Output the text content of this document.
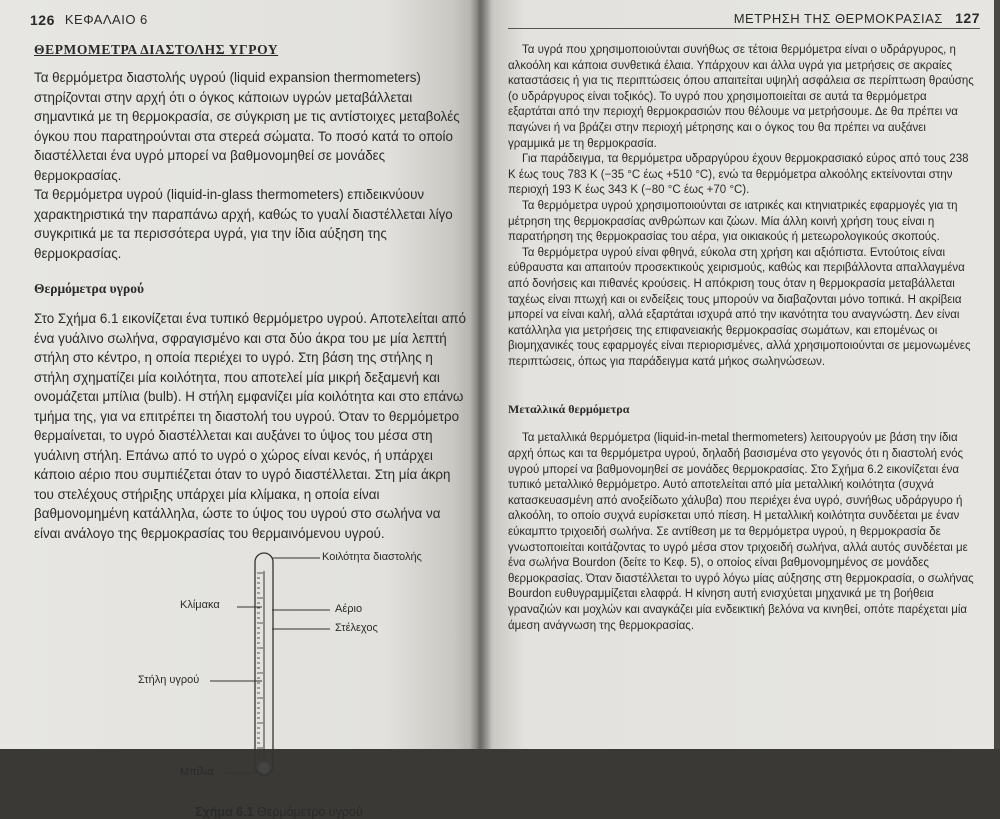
126 ΚΕΦΑΛΑΙΟ 6
ΘΕΡΜΟΜΕΤΡΑ ΔΙΑΣΤΟΛΗΣ ΥΓΡΟΥ

Τα θερμόμετρα διαστολής υγρού (liquid expansion thermometers) στηρίζονται στην αρχή ότι ο όγκος κάποιων υγρών μεταβάλλεται σημαντικά με τη θερμοκρασία, σε σύγκριση με τις αντίστοιχες μεταβολές όγκου που παρατηρούνται στα στερεά σώματα. Το ποσό κατά το οποίο διαστέλλεται ένα υγρό μπορεί να βαθμονομηθεί σε μονάδες θερμοκρασίας.

Τα θερμόμετρα υγρού (liquid-in-glass thermometers) επιδεικνύουν χαρακτηριστικά την παραπάνω αρχή, καθώς το γυαλί διαστέλλεται λίγο συγκριτικά με τα περισσότερα υγρά, για την ίδια αύξηση της θερμοκρασίας.

Θερμόμετρα υγρού

Στο Σχήμα 6.1 εικονίζεται ένα τυπικό θερμόμετρο υγρού. Αποτελείται από ένα γυάλινο σωλήνα, σφραγισμένο και στα δύο άκρα του με μία λεπτή στήλη στο κέντρο, η οποία περιέχει το υγρό. Στη βάση της στήλης η στήλη σχηματίζει μία κοιλότητα, που αποτελεί μία μικρή δεξαμενή και ονομάζεται μπίλια (bulb). Η στήλη εμφανίζει μία κοιλότητα και στο επάνω τμήμα της, για να επιτρέπει τη διαστολή του υγρού. Όταν το θερμόμετρο θερμαίνεται, το υγρό διαστέλλεται και αυξάνει το ύψος του μέσα στη γυάλινη στήλη. Επάνω από το υγρό ο χώρος είναι κενός, ή υπάρχει κάποιο αέριο που συμπιέζεται όταν το υγρό διαστέλλεται. Στη μία άκρη του στελέχους στήριξης υπάρχει μία κλίμακα, η οποία είναι βαθμονομημένη κατάλληλα, ώστε το ύψος του υγρού στο σωλήνα να είναι ανάλογο της θερμοκρασίας του θερμαινόμενου υγρού.

Κοιλότητα διαστολής
Κλίμακα	Αέριο
Στέλεχος
Στήλη υγρού
Μπίλια
Σχήμα 6.1 Θερμόμετρο υγρού
ΜΕΤΡΗΣΗ ΤΗΣ ΘΕΡΜΟΚΡΑΣΙΑΣ 127

Τα υγρά που χρησιμοποιούνται συνήθως σε τέτοια θερμόμετρα είναι ο υδράργυρος, η αλκοόλη και κάποια συνθετικά έλαια. Υπάρχουν και άλλα υγρά για μετρήσεις σε ακραίες καταστάσεις ή για τις περιπτώσεις όπου απαιτείται υψηλή ασφάλεια σε περίπτωση θραύσης (ο υδράργυρος είναι τοξικός). Το υγρό που χρησιμοποιείται σε αυτά τα θερμόμετρα εξαρτάται από την περιοχή θερμοκρασιών που θέλουμε να μετρήσουμε. Δε θα πρέπει να παγώνει ή να βράζει στην περιοχή μέτρησης και ο όγκος του θα πρέπει να αυξάνει γραμμικά με τη θερμοκρασία.

Για παράδειγμα, τα θερμόμετρα υδραργύρου έχουν θερμοκρασιακό εύρος από τους 238 K έως τους 783 K (−35 °C έως +510 °C), ενώ τα θερμόμετρα αλκοόλης εκτείνονται στην περιοχή 193 K έως 343 K (−80 °C έως +70 °C).

Τα θερμόμετρα υγρού χρησιμοποιούνται σε ιατρικές και κτηνιατρικές εφαρμογές για τη μέτρηση της θερμοκρασίας ανθρώπων και ζώων. Μία άλλη κοινή χρήση τους είναι η παρατήρηση της θερμοκρασίας του αέρα, για οικιακούς ή μετεωρολογικούς σκοπούς.

Τα θερμόμετρα υγρού είναι φθηνά, εύκολα στη χρήση και αξιόπιστα. Εντούτοις είναι εύθραυστα και απαιτούν προσεκτικούς χειρισμούς, καθώς και περιβάλλοντα απαλλαγμένα από δονήσεις και πιθανές κρούσεις. Η απόκριση τους όταν η θερμοκρασία μεταβάλλεται ταχέως είναι πτωχή και οι ενδείξεις τους μπορούν να διαβαζονται μόνο τοπικά. Η ακρίβεια μπορεί να είναι καλή, αλλά εξαρτάται ισχυρά από την ικανότητα του αναγνώστη. Δεν είναι κατάλληλα για μετρήσεις της επιφανειακής θερμοκρασίας σωμάτων, και επομένως οι βιομηχανικές τους εφαρμογές είναι περιορισμένες, αλλά χρησιμοποιούνται σε μεμονωμένες περιπτώσεις, όπως για παράδειγμα κατά μήκος σωληνώσεων.

Μεταλλικά θερμόμετρα

Τα μεταλλικά θερμόμετρα (liquid-in-metal thermometers) λειτουργούν με βάση την ίδια αρχή όπως και τα θερμόμετρα υγρού, δηλαδή βασισμένα στο γεγονός ότι η διαστολή ενός υγρού μπορεί να βαθμονομηθεί σε μονάδες θερμοκρασίας. Στο Σχήμα 6.2 εικονίζεται ένα τυπικό μεταλλικό θερμόμετρο. Αυτό αποτελείται από μία μεταλλική κοιλότητα (συχνά κατασκευασμένη από ανοξείδωτο χάλυβα) που περιέχει ένα υγρό, συνήθως υδράργυρο ή αλκοόλη, το οποίο συχνά ευρίσκεται υπό πίεση. Η μεταλλική κοιλότητα συνδέεται με έναν εύκαμπτο τριχοειδή σωλήνα. Σε αντίθεση με τα θερμόμετρα υγρού, η θερμοκρασία δε γνωστοποιείται κοιτάζοντας το υγρό μέσα στον τριχοειδή σωλήνα, αλλά αυτός συνδέεται με ένα σωλήνα Bourdon (δείτε το Κεφ. 5), ο οποίος είναι βαθμονομημένος σε μονάδες θερμοκρασίας. Όταν διαστέλλεται το υγρό λόγω μίας αύξησης στη θερμοκρασία, ο σωλήνας Bourdon ευθυγραμμίζεται ελαφρά. Η κίνηση αυτή ενισχύεται μηχανικά με τη βοήθεια γραναζιών και μοχλών και αναγκάζει μία ενδεικτική βελόνα να κινηθεί, οπότε παρέχεται μία άμεση ανάγνωση της θερμοκρασίας.
